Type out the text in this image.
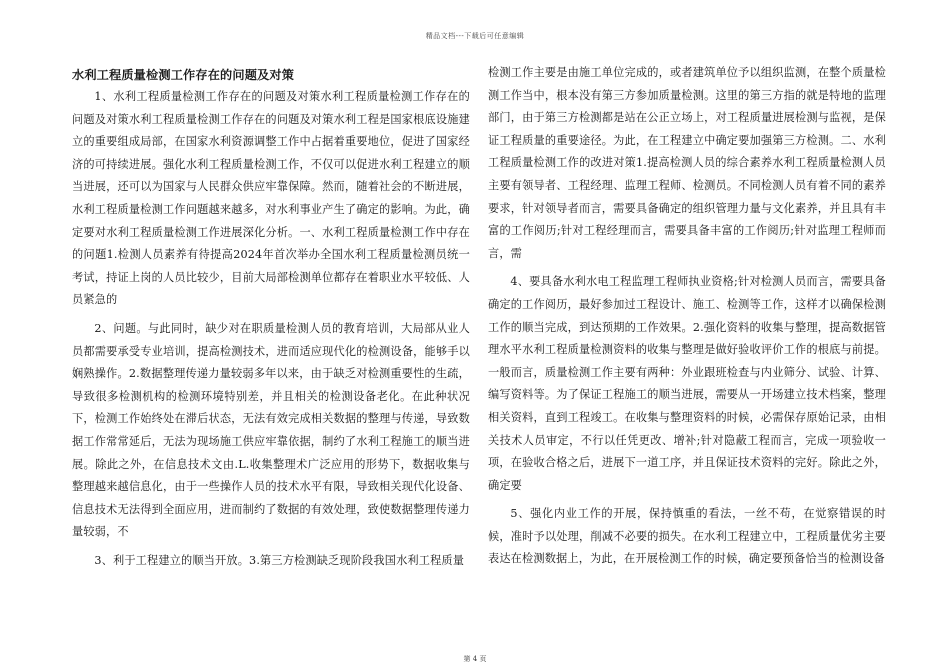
精品文档---下载后可任意编辑
水利工程质量检测工作存在的问题及对策

1、水利工程质量检测工作存在的问题及对策水利工程质量检测工作存在的问题及对策水利工程质量检测工作存在的问题及对策水利工程是国家根底设施建立的重要组成局部，在国家水利资源调整工作中占据着重要地位，促进了国家经济的可持续进展。强化水利工程质量检测工作，不仅可以促进水利工程建立的顺当进展，还可以为国家与人民群众供应牢靠保障。然而，随着社会的不断进展，水利工程质量检测工作问题越来越多，对水利事业产生了确定的影响。为此，确定要对水利工程质量检测工作进展深化分析。一、水利工程质量检测工作中存在的问题1.检测人员素养有待提高2024年首次举办全国水利工程质量检测员统一考试，持证上岗的人员比较少，目前大局部检测单位都存在着职业水平较低、人员紧急的

2、问题。与此同时，缺少对在职质量检测人员的教育培训，大局部从业人员都需要承受专业培训，提高检测技术，进而适应现代化的检测设备，能够手以娴熟操作。2.数据整理传递力量较弱多年以来，由于缺乏对检测重要性的生疏，导致很多检测机构的检测环境特别差，并且相关的检测设备老化。在此种状况下，检测工作始终处在滞后状态，无法有效完成相关数据的整理与传递，导致数据工作常常延后，无法为现场施工供应牢靠依据，制约了水利工程施工的顺当进展。除此之外，在信息技术文由.L.收集整理术广泛应用的形势下，数据收集与整理越来越信息化，由于一些操作人员的技术水平有限，导致相关现代化设备、信息技术无法得到全面应用，进而制约了数据的有效处理，致使数据整理传递力量较弱，不

3、利于工程建立的顺当开放。3.第三方检测缺乏现阶段我国水利工程质量

检测工作主要是由施工单位完成的，或者建筑单位予以组织监测，在整个质量检测工作当中，根本没有第三方参加质量检测。这里的第三方指的就是特地的监理部门，由于第三方检测都是站在公正立场上，对工程质量进展检测与监视，是保证工程质量的重要途径。为此，在工程建立中确定要加强第三方检测。二、水利工程质量检测工作的改进对策1.提高检测人员的综合素养水利工程质量检测人员主要有领导者、工程经理、监理工程师、检测员。不同检测人员有着不同的素养要求，针对领导者而言，需要具备确定的组织管理力量与文化素养，并且具有丰富的工作阅历;针对工程经理而言，需要具备丰富的工作阅历;针对监理工程师而言，需

4、要具备水利水电工程监理工程师执业资格;针对检测人员而言，需要具备确定的工作阅历，最好参加过工程设计、施工、检测等工作，这样才以确保检测工作的顺当完成，到达预期的工作效果。2.强化资料的收集与整理，提高数据管理水平水利工程质量检测资料的收集与整理是做好验收评价工作的根底与前提。一般而言，质量检测工作主要有两种：外业跟班检查与内业筛分、试验、计算、编写资料等。为了保证工程施工的顺当进展，需要从一开场建立技术档案，整理相关资料，直到工程竣工。在收集与整理资料的时候，必需保存原始记录，由相关技术人员审定，不行以任凭更改、增补;针对隐蔽工程而言，完成一项验收一项，在验收合格之后，进展下一道工序，并且保证技术资料的完好。除此之外，确定要

5、强化内业工作的开展，保持慎重的看法，一丝不苟，在觉察错误的时候，准时予以处理，削减不必要的损失。在水利工程建立中，工程质量优劣主要表达在检测数据上，为此，在开展检测工作的时候，确定要预备恰当的检测设备

第 4 页
